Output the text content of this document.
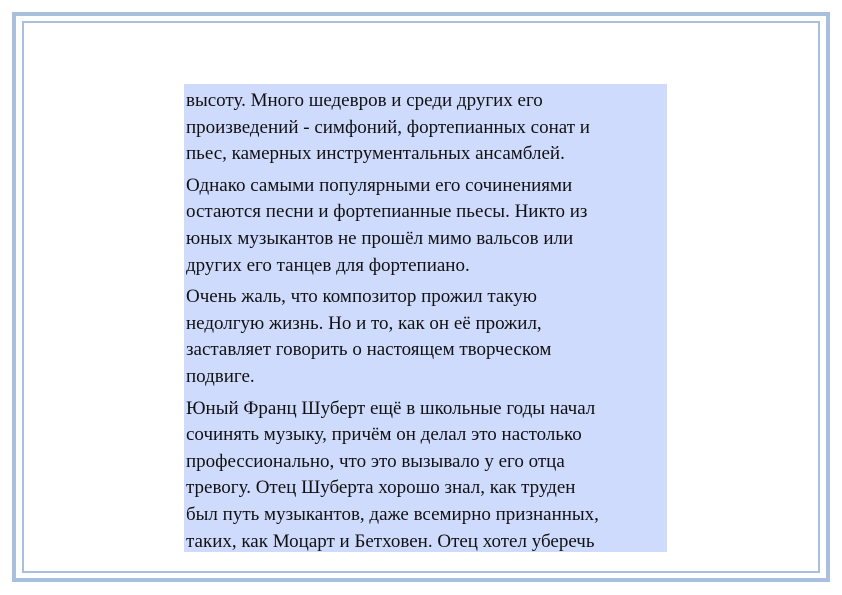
высоту. Много шедевров и среди других его
произведений - симфоний, фортепианных сонат и
пьес, камерных инструментальных ансамблей.

Однако самыми популярными его сочинениями
остаются песни и фортепианные пьесы. Никто из
юных музыкантов не прошёл мимо вальсов или
других его танцев для фортепиано.

Очень жаль, что композитор прожил такую
недолгую жизнь. Но и то, как он её прожил,
заставляет говорить о настоящем творческом
подвиге.

Юный Франц Шуберт ещё в школьные годы начал
сочинять музыку, причём он делал это настолько
профессионально, что это вызывало у его отца
тревогу. Отец Шуберта хорошо знал, как труден
был путь музыкантов, даже всемирно признанных,
таких, как Моцарт и Бетховен. Отец хотел уберечь
